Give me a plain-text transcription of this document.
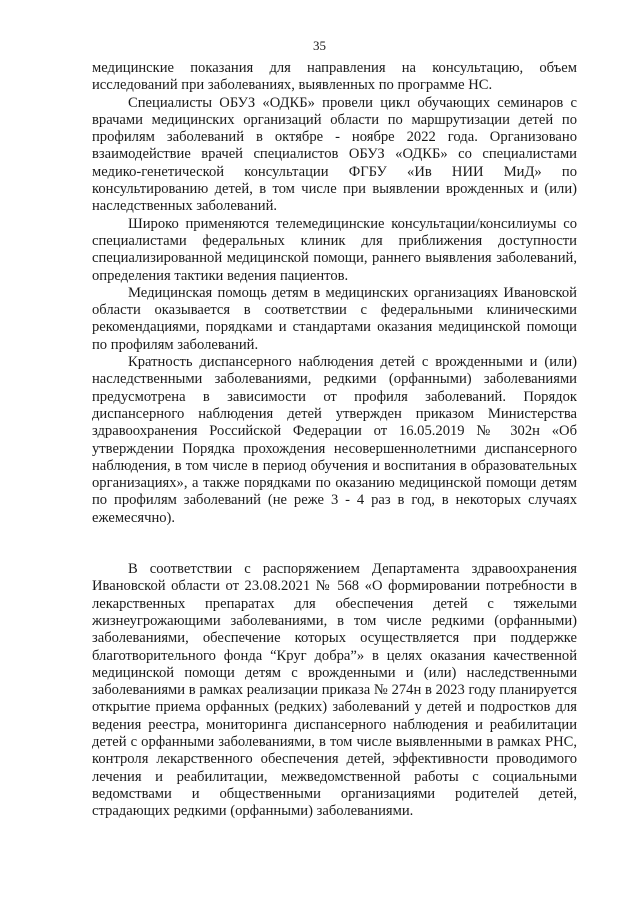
35

медицинские показания для направления на консультацию, объем исследований при заболеваниях, выявленных по программе НС.

Специалисты ОБУЗ «ОДКБ» провели цикл обучающих семинаров с врачами медицинских организаций области по маршрутизации детей по профилям заболеваний в октябре - ноябре 2022 года. Организовано взаимодействие врачей специалистов ОБУЗ «ОДКБ» со специалистами медико-генетической консультации ФГБУ «Ив НИИ МиД» по консультированию детей, в том числе при выявлении врожденных и (или) наследственных заболеваний.

Широко применяются телемедицинские консультации/консилиумы со специалистами федеральных клиник для приближения доступности специализированной медицинской помощи, раннего выявления заболеваний, определения тактики ведения пациентов.

Медицинская помощь детям в медицинских организациях Ивановской области оказывается в соответствии с федеральными клиническими рекомендациями, порядками и стандартами оказания медицинской помощи по профилям заболеваний.

Кратность диспансерного наблюдения детей с врожденными и (или) наследственными заболеваниями, редкими (орфанными) заболеваниями предусмотрена в зависимости от профиля заболеваний. Порядок диспансерного наблюдения детей утвержден приказом Министерства здравоохранения Российской Федерации от 16.05.2019 № 302н «Об утверждении Порядка прохождения несовершеннолетними диспансерного наблюдения, в том числе в период обучения и воспитания в образовательных организациях», а также порядками по оказанию медицинской помощи детям по профилям заболеваний (не реже 3 - 4 раз в год, в некоторых случаях ежемесячно).

В соответствии с распоряжением Департамента здравоохранения Ивановской области от 23.08.2021 № 568 «О формировании потребности в лекарственных препаратах для обеспечения детей с тяжелыми жизнеугрожающими заболеваниями, в том числе редкими (орфанными) заболеваниями, обеспечение которых осуществляется при поддержке благотворительного фонда “Круг добра”» в целях оказания качественной медицинской помощи детям с врожденными и (или) наследственными заболеваниями в рамках реализации приказа № 274н в 2023 году планируется открытие приема орфанных (редких) заболеваний у детей и подростков для ведения реестра, мониторинга диспансерного наблюдения и реабилитации детей с орфанными заболеваниями, в том числе выявленными в рамках РНС, контроля лекарственного обеспечения детей, эффективности проводимого лечения и реабилитации, межведомственной работы с социальными ведомствами и общественными организациями родителей детей, страдающих редкими (орфанными) заболеваниями.
